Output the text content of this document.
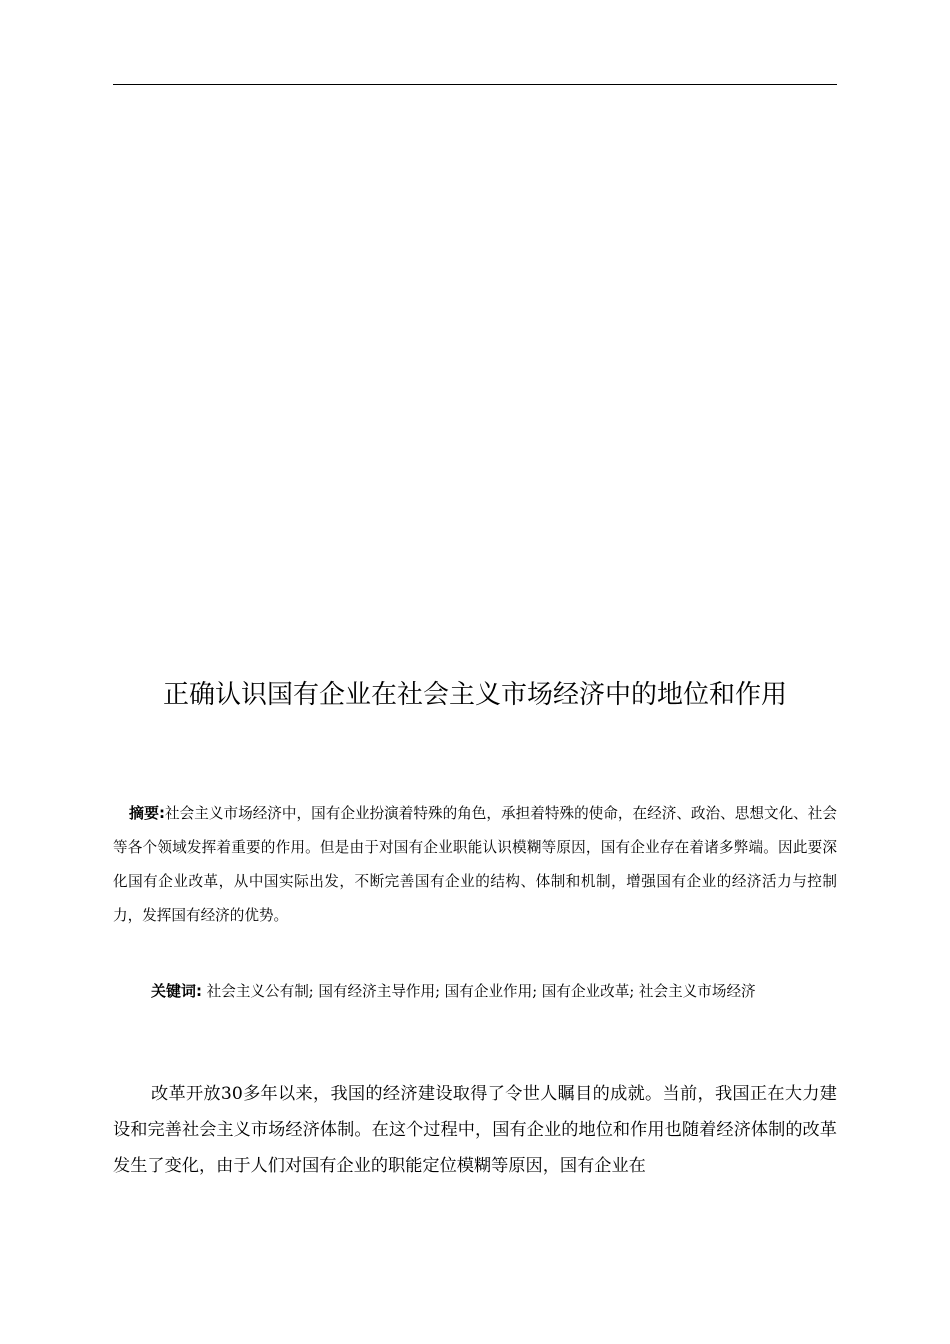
正确认识国有企业在社会主义市场经济中的地位和作用
摘要:社会主义市场经济中，国有企业扮演着特殊的角色，承担着特殊的使命，在经济、政治、思想文化、社会等各个领域发挥着重要的作用。但是由于对国有企业职能认识模糊等原因，国有企业存在着诸多弊端。因此要深化国有企业改革，从中国实际出发，不断完善国有企业的结构、体制和机制，增强国有企业的经济活力与控制力，发挥国有经济的优势。
关键词: 社会主义公有制; 国有经济主导作用; 国有企业作用; 国有企业改革; 社会主义市场经济
改革开放30多年以来，我国的经济建设取得了令世人瞩目的成就。当前，我国正在大力建设和完善社会主义市场经济体制。在这个过程中，国有企业的地位和作用也随着经济体制的改革发生了变化，由于人们对国有企业的职能定位模糊等原因，国有企业在
